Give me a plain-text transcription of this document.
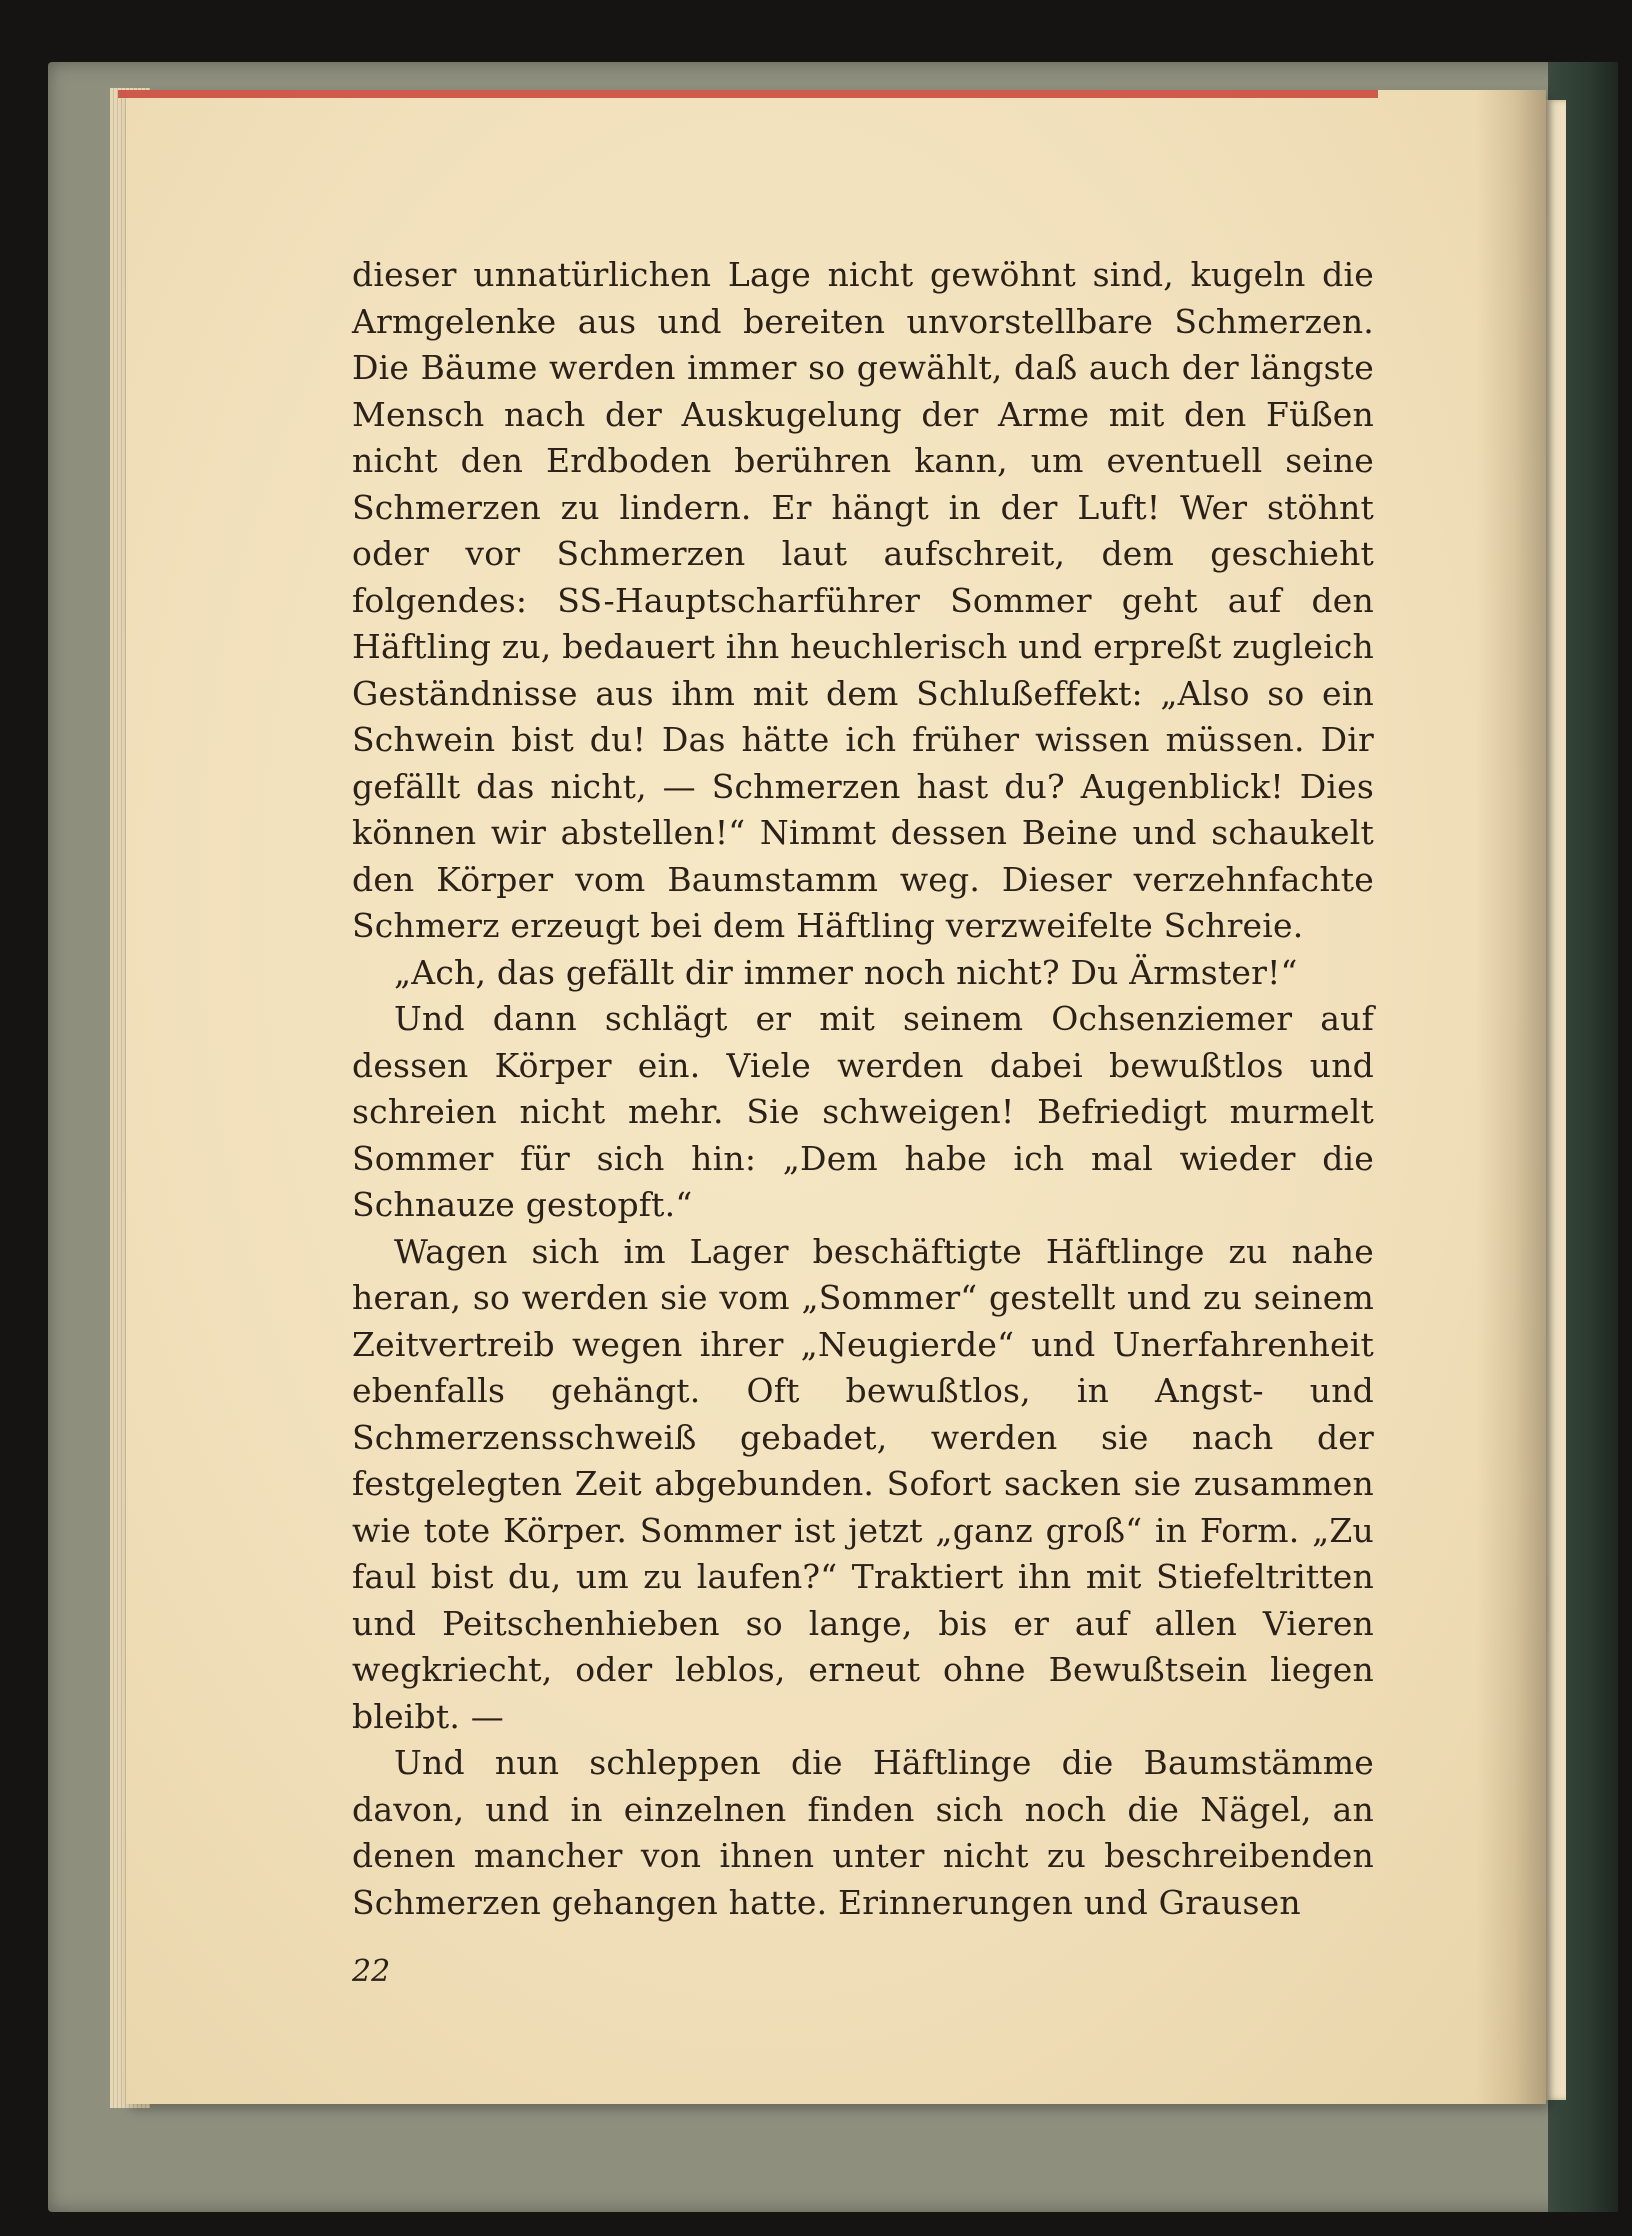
dieser unnatürlichen Lage nicht gewöhnt sind, kugeln die Armgelenke aus und bereiten unvorstellbare Schmerzen. Die Bäume werden immer so gewählt, daß auch der längste Mensch nach der Auskugelung der Arme mit den Füßen nicht den Erdboden berühren kann, um eventuell seine Schmerzen zu lindern. Er hängt in der Luft! Wer stöhnt oder vor Schmerzen laut aufschreit, dem geschieht folgendes: SS-Hauptscharführer Sommer geht auf den Häftling zu, bedauert ihn heuchlerisch und erpreßt zugleich Geständnisse aus ihm mit dem Schlußeffekt: „Also so ein Schwein bist du! Das hätte ich früher wissen müssen. Dir gefällt das nicht, — Schmerzen hast du? Augenblick! Dies können wir abstellen!“ Nimmt dessen Beine und schaukelt den Körper vom Baumstamm weg. Dieser verzehnfachte Schmerz erzeugt bei dem Häftling verzweifelte Schreie.

„Ach, das gefällt dir immer noch nicht? Du Ärmster!“

Und dann schlägt er mit seinem Ochsenziemer auf dessen Körper ein. Viele werden dabei bewußtlos und schreien nicht mehr. Sie schweigen! Befriedigt murmelt Sommer für sich hin: „Dem habe ich mal wieder die Schnauze gestopft.“

Wagen sich im Lager beschäftigte Häftlinge zu nahe heran, so werden sie vom „Sommer“ gestellt und zu seinem Zeitvertreib wegen ihrer „Neugierde“ und Unerfahrenheit ebenfalls gehängt. Oft bewußtlos, in Angst- und Schmerzensschweiß gebadet, werden sie nach der festgelegten Zeit abgebunden. Sofort sacken sie zusammen wie tote Körper. Sommer ist jetzt „ganz groß“ in Form. „Zu faul bist du, um zu laufen?“ Traktiert ihn mit Stiefeltritten und Peitschenhieben so lange, bis er auf allen Vieren wegkriecht, oder leblos, erneut ohne Bewußtsein liegen bleibt. —

Und nun schleppen die Häftlinge die Baumstämme davon, und in einzelnen finden sich noch die Nägel, an denen mancher von ihnen unter nicht zu beschreibenden Schmerzen gehangen hatte. Erinnerungen und Grausen

22
